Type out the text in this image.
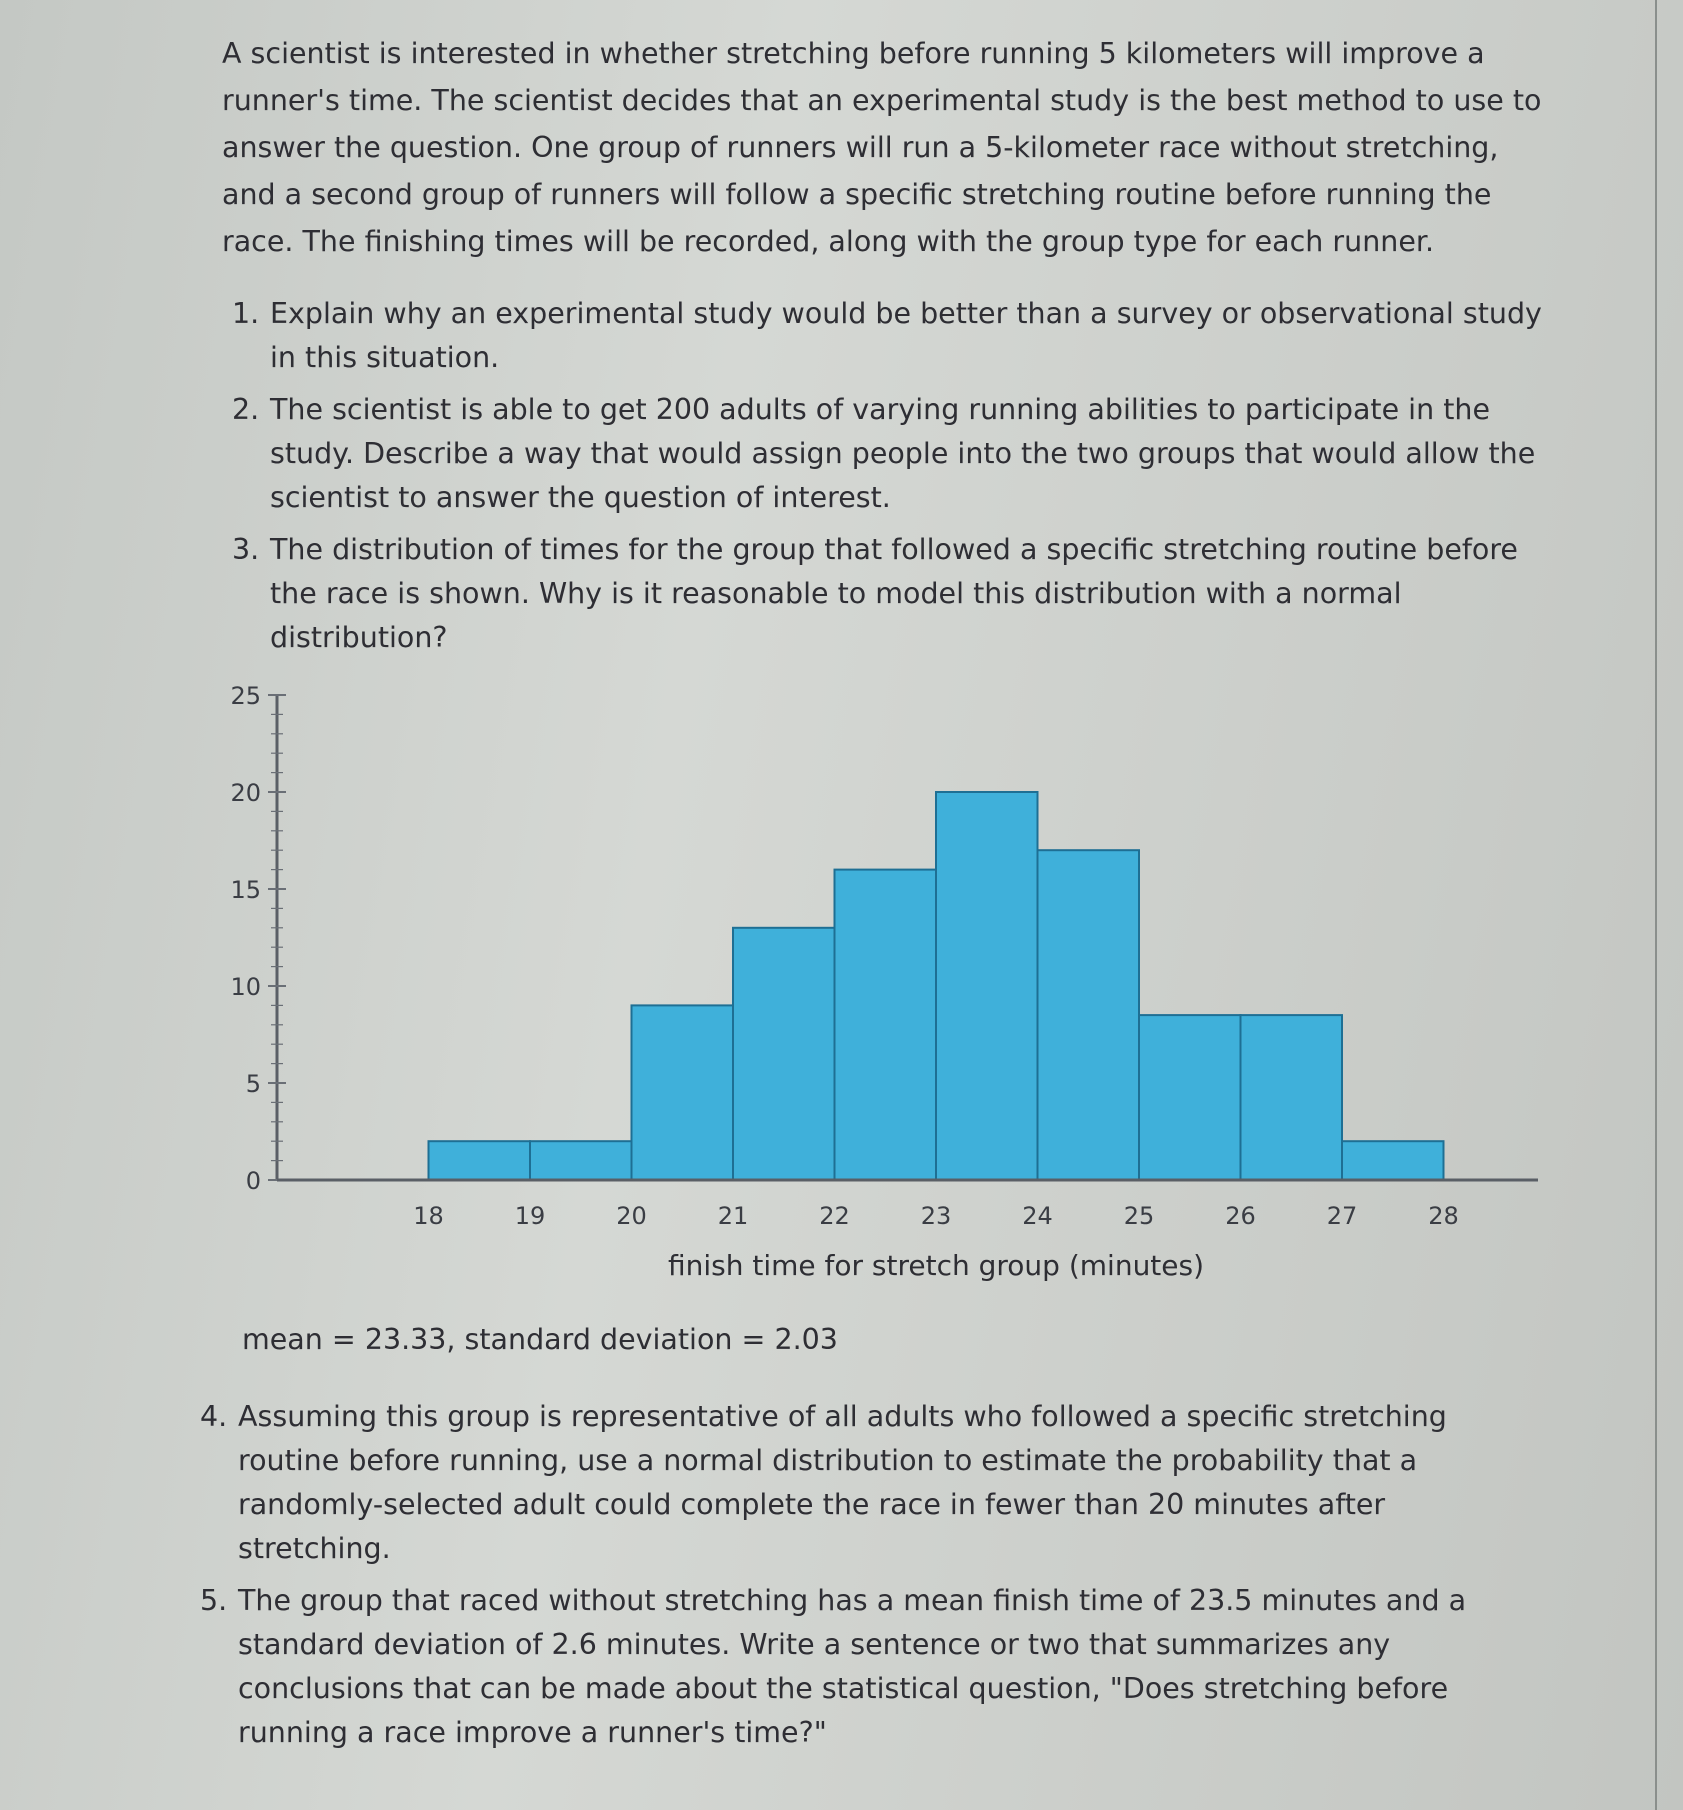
A scientist is interested in whether stretching before running 5 kilometers will improve a runner's time. The scientist decides that an experimental study is the best method to use to answer the question. One group of runners will run a 5-kilometer race without stretching, and a second group of runners will follow a specific stretching routine before running the race. The finishing times will be recorded, along with the group type for each runner.

1. Explain why an experimental study would be better than a survey or observational study in this situation.
2. The scientist is able to get 200 adults of varying running abilities to participate in the study. Describe a way that would assign people into the two groups that would allow the scientist to answer the question of interest.
3. The distribution of times for the group that followed a specific stretching routine before the race is shown. Why is it reasonable to model this distribution with a normal distribution?
0
5
10
15
20
25
18	19	20	21	22	23	24	25	26	27	28
finish time for stretch group (minutes)
mean = 23.33, standard deviation = 2.03
4. Assuming this group is representative of all adults who followed a specific stretching routine before running, use a normal distribution to estimate the probability that a randomly-selected adult could complete the race in fewer than 20 minutes after stretching.
5. The group that raced without stretching has a mean finish time of 23.5 minutes and a standard deviation of 2.6 minutes. Write a sentence or two that summarizes any conclusions that can be made about the statistical question, "Does stretching before running a race improve a runner's time?"
